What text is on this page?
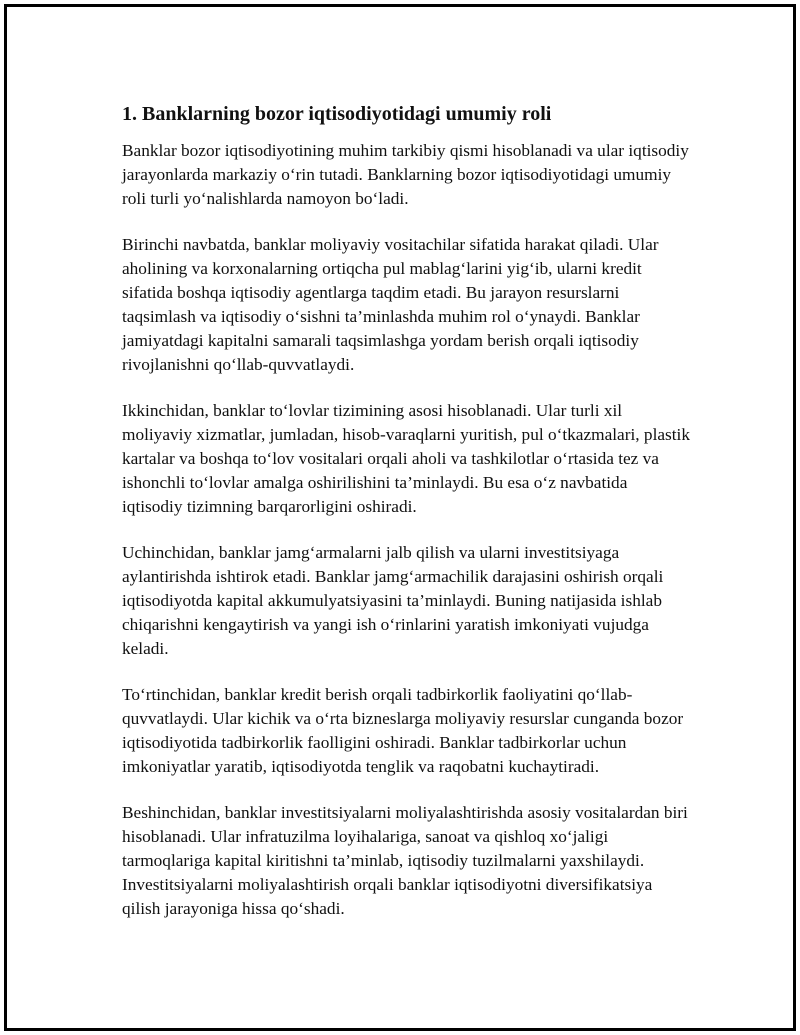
1. Banklarning bozor iqtisodiyotidagi umumiy roli

Banklar bozor iqtisodiyotining muhim tarkibiy qismi hisoblanadi va ular iqtisodiy jarayonlarda markaziy o‘rin tutadi. Banklarning bozor iqtisodiyotidagi umumiy roli turli yo‘nalishlarda namoyon bo‘ladi.

Birinchi navbatda, banklar moliyaviy vositachilar sifatida harakat qiladi. Ular aholining va korxonalarning ortiqcha pul mablag‘larini yig‘ib, ularni kredit sifatida boshqa iqtisodiy agentlarga taqdim etadi. Bu jarayon resurslarni taqsimlash va iqtisodiy o‘sishni ta’minlashda muhim rol o‘ynaydi. Banklar jamiyatdagi kapitalni samarali taqsimlashga yordam berish orqali iqtisodiy rivojlanishni qo‘llab-quvvatlaydi.

Ikkinchidan, banklar to‘lovlar tizimining asosi hisoblanadi. Ular turli xil moliyaviy xizmatlar, jumladan, hisob-varaqlarni yuritish, pul o‘tkazmalari, plastik kartalar va boshqa to‘lov vositalari orqali aholi va tashkilotlar o‘rtasida tez va ishonchli to‘lovlar amalga oshirilishini ta’minlaydi. Bu esa o‘z navbatida iqtisodiy tizimning barqarorligini oshiradi.

Uchinchidan, banklar jamg‘armalarni jalb qilish va ularni investitsiyaga aylantirishda ishtirok etadi. Banklar jamg‘armachilik darajasini oshirish orqali iqtisodiyotda kapital akkumulyatsiyasini ta’minlaydi. Buning natijasida ishlab chiqarishni kengaytirish va yangi ish o‘rinlarini yaratish imkoniyati vujudga keladi.

To‘rtinchidan, banklar kredit berish orqali tadbirkorlik faoliyatini qo‘llab-quvvatlaydi. Ular kichik va o‘rta bizneslarga moliyaviy resurslar cunganda bozor iqtisodiyotida tadbirkorlik faolligini oshiradi. Banklar tadbirkorlar uchun imkoniyatlar yaratib, iqtisodiyotda tenglik va raqobatni kuchaytiradi.

Beshinchidan, banklar investitsiyalarni moliyalashtirishda asosiy vositalardan biri hisoblanadi. Ular infratuzilma loyihalariga, sanoat va qishloq xo‘jaligi tarmoqlariga kapital kiritishni ta’minlab, iqtisodiy tuzilmalarni yaxshilaydi. Investitsiyalarni moliyalashtirish orqali banklar iqtisodiyotni diversifikatsiya qilish jarayoniga hissa qo‘shadi.
